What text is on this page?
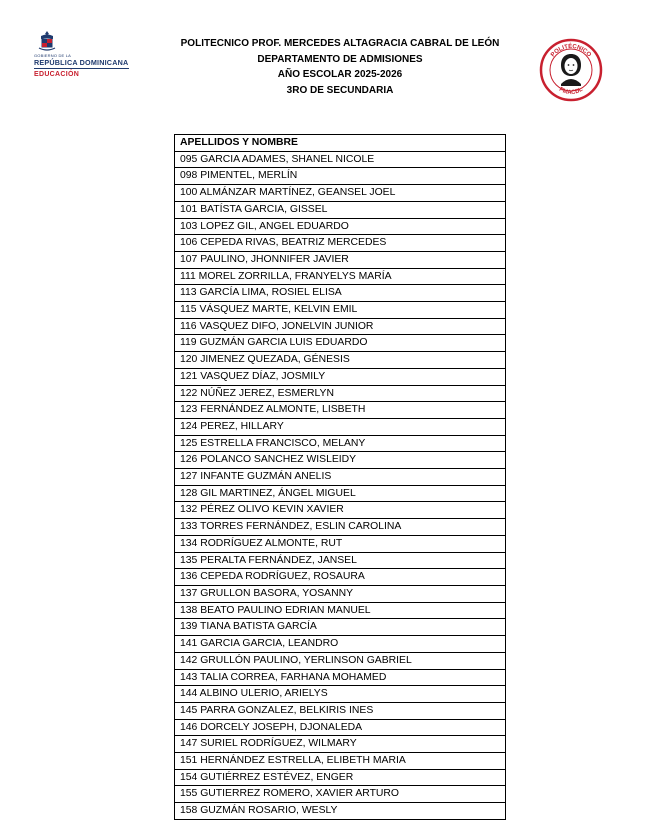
GOBIERNO DE LA
REPÚBLICA DOMINICANA
EDUCACIÓN
POLITECNICO PROF. MERCEDES ALTAGRACIA CABRAL DE LEÓN
DEPARTAMENTO DE ADMISIONES
AÑO ESCOLAR 2025-2026
3RO DE SECUNDARIA
POLITÉCNICO
PMACDL
APELLIDOS Y NOMBRE
095 GARCIA ADAMES, SHANEL NICOLE
098 PIMENTEL, MERLÍN
100 ALMÁNZAR MARTÍNEZ, GEANSEL JOEL
101 BATÍSTA GARCIA, GISSEL
103 LOPEZ GIL, ANGEL EDUARDO
106 CEPEDA RIVAS, BEATRIZ MERCEDES
107 PAULINO, JHONNIFER JAVIER
111 MOREL ZORRILLA, FRANYELYS MARÍA
113 GARCÍA LIMA, ROSIEL ELISA
115 VÁSQUEZ MARTE, KELVIN EMIL
116 VASQUEZ DIFO, JONELVIN JUNIOR
119 GUZMÁN GARCIA LUIS EDUARDO
120 JIMENEZ QUEZADA, GÉNESIS
121 VASQUEZ DÍAZ, JOSMILY
122 NÚÑEZ JEREZ, ESMERLYN
123 FERNÁNDEZ ALMONTE, LISBETH
124 PEREZ, HILLARY
125 ESTRELLA FRANCISCO, MELANY
126 POLANCO SANCHEZ WISLEIDY
127 INFANTE GUZMÁN ANELIS
128 GIL MARTINEZ, ÁNGEL MIGUEL
132 PÉREZ OLIVO KEVIN XAVIER
133 TORRES FERNÁNDEZ, ESLIN CAROLINA
134 RODRÍGUEZ ALMONTE, RUT
135 PERALTA FERNÁNDEZ, JANSEL
136 CEPEDA RODRÍGUEZ, ROSAURA
137 GRULLON BASORA, YOSANNY
138 BEATO PAULINO EDRIAN MANUEL
139 TIANA BATISTA GARCÍA
141 GARCIA GARCIA, LEANDRO
142 GRULLÓN PAULINO, YERLINSON GABRIEL
143 TALIA CORREA, FARHANA MOHAMED
144 ALBINO ULERIO, ARIELYS
145 PARRA GONZALEZ, BELKIRIS INES
146 DORCELY JOSEPH, DJONALEDA
147 SURIEL RODRÍGUEZ, WILMARY
151 HERNÁNDEZ ESTRELLA, ELIBETH MARIA
154 GUTIÉRREZ ESTÉVEZ, ENGER
155 GUTIERREZ ROMERO, XAVIER ARTURO
158 GUZMÁN ROSARIO, WESLY
